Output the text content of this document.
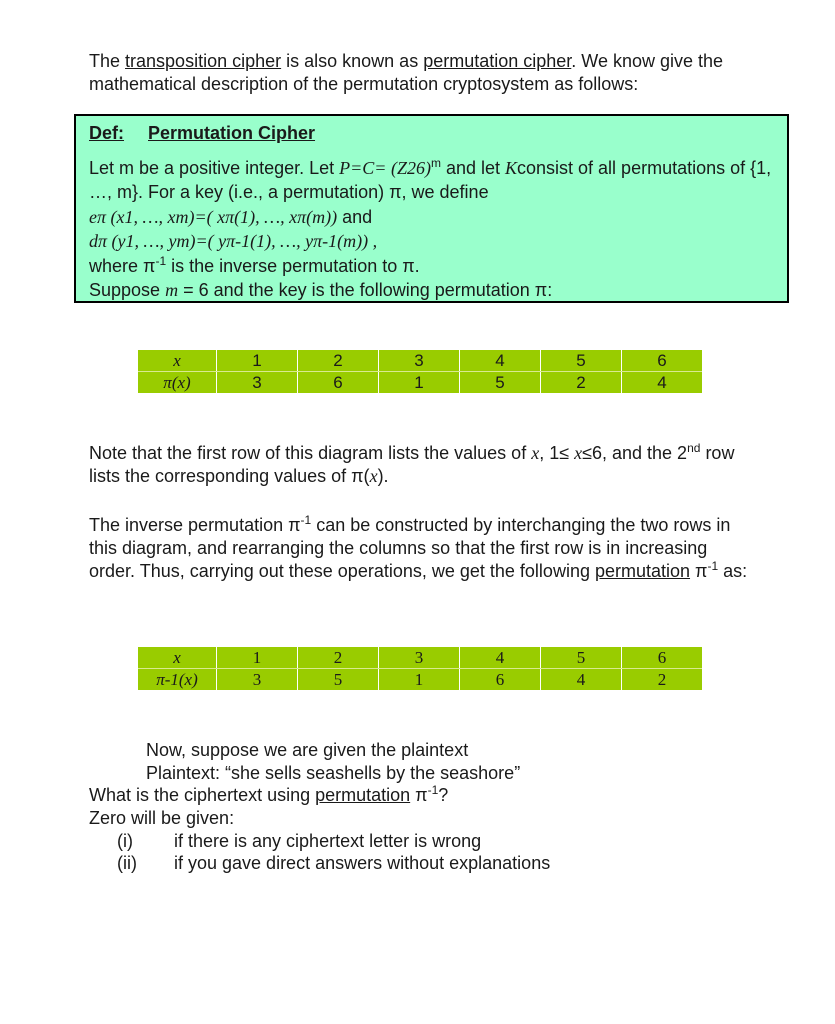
The transposition cipher is also known as permutation cipher. We know give the mathematical description of the permutation cryptosystem as follows:
Def: Permutation Cipher
Let m be a positive integer. Let $P=C= (Z26)^m$ and let Kconsist of all permutations of {1, …, m}. For a key (i.e., a permutation) π, we define
eπ (x1, …, xm)=( xπ(1), …, xπ(m)) and
dπ (y1, …, ym)=( yπ-1(1), …, yπ-1(m)) ,
where $\pi^{-1}$ is the inverse permutation to π.
Suppose m = 6 and the key is the following permutation π:
x	1	2	3	4	5	6
π(x)	3	6	1	5	2	4
Note that the first row of this diagram lists the values of x, 1≤ x≤6, and the 2nd row lists the corresponding values of π(x).
The inverse permutation $\pi^{-1}$ can be constructed by interchanging the two rows in this diagram, and rearranging the columns so that the first row is in increasing order. Thus, carrying out these operations, we get the following permutation $\pi^{-1}$ as:
x	1	2	3	4	5	6
π-1(x)	3	5	1	6	4	2
Now, suppose we are given the plaintext
Plaintext: “she sells seashells by the seashore”
What is the ciphertext using permutation $\pi^{-1}$?
Zero will be given:
(i) if there is any ciphertext letter is wrong
(ii) if you gave direct answers without explanations
